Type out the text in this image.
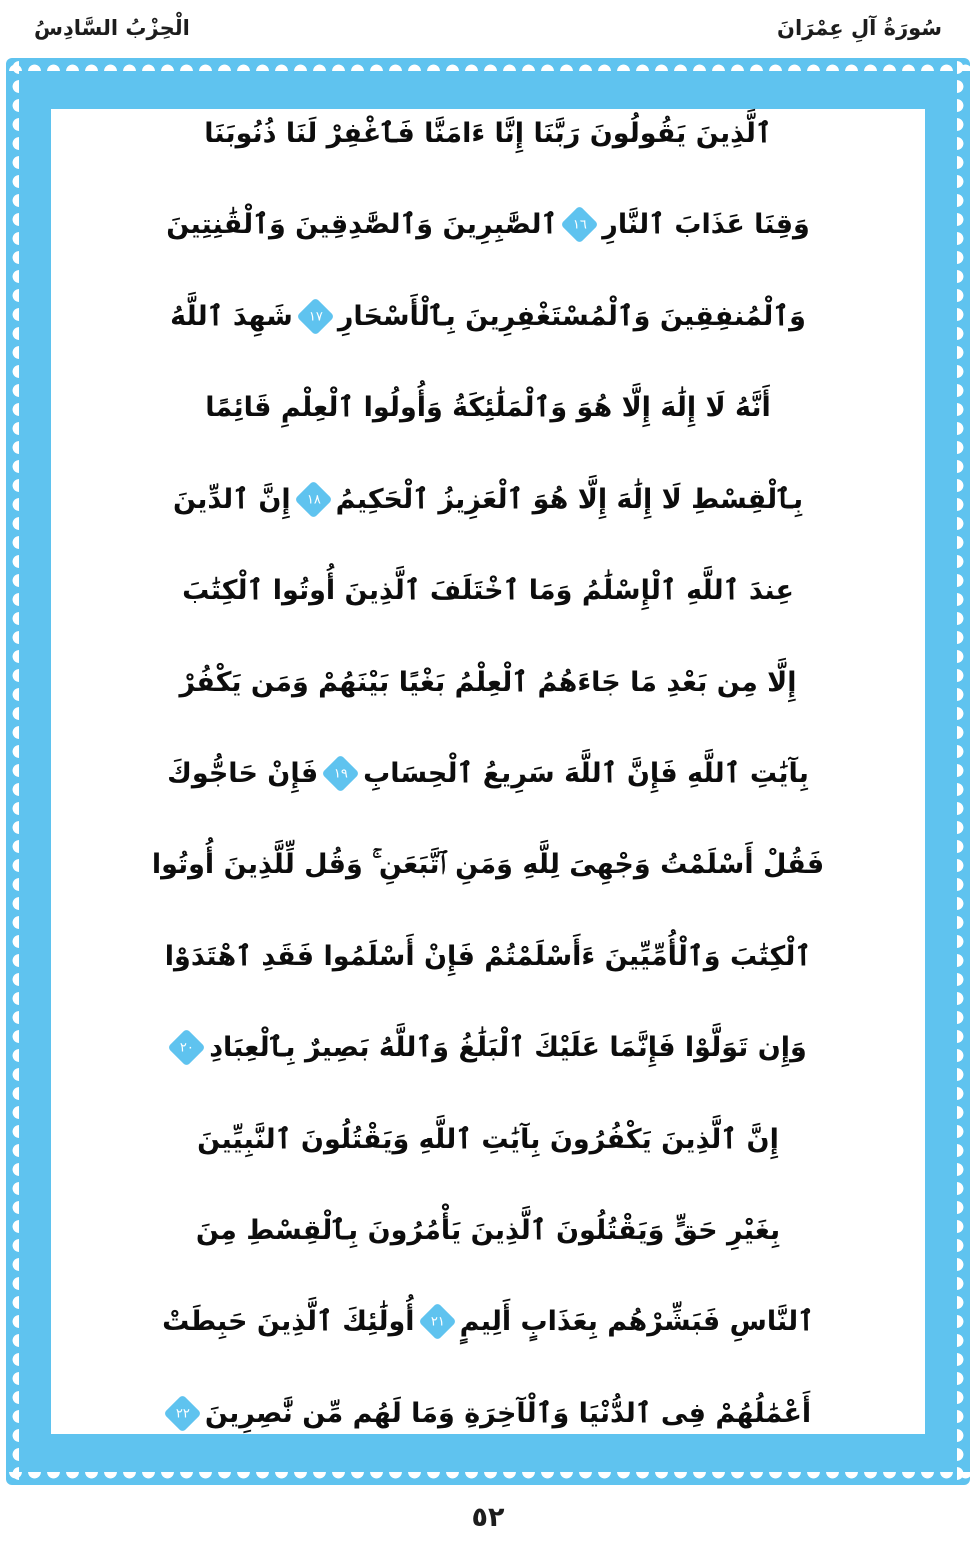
سُورَةُ آلِ عِمْرَانَ
الْحِزْبُ السَّادِسُ
ٱلَّذِينَ يَقُولُونَ رَبَّنَا إِنَّا ءَامَنَّا فَٱغْفِرْ لَنَا ذُنُوبَنَا
وَقِنَا عَذَابَ ٱلنَّارِ
١٦
ٱلصَّٰبِرِينَ وَٱلصَّٰدِقِينَ وَٱلْقَٰنِتِينَ
وَٱلْمُنفِقِينَ وَٱلْمُسْتَغْفِرِينَ بِٱلْأَسْحَارِ
١٧
شَهِدَ ٱللَّهُ
أَنَّهُ لَا إِلَٰهَ إِلَّا هُوَ وَٱلْمَلَٰئِكَةُ وَأُولُوا ٱلْعِلْمِ قَائِمًا
بِٱلْقِسْطِ لَا إِلَٰهَ إِلَّا هُوَ ٱلْعَزِيزُ ٱلْحَكِيمُ
١٨
إِنَّ ٱلدِّينَ
عِندَ ٱللَّهِ ٱلْإِسْلَٰمُ وَمَا ٱخْتَلَفَ ٱلَّذِينَ أُوتُوا ٱلْكِتَٰبَ
إِلَّا مِن بَعْدِ مَا جَاءَهُمُ ٱلْعِلْمُ بَغْيًا بَيْنَهُمْ وَمَن يَكْفُرْ
بِآيَٰتِ ٱللَّهِ فَإِنَّ ٱللَّهَ سَرِيعُ ٱلْحِسَابِ
١٩
فَإِنْ حَاجُّوكَ
فَقُلْ أَسْلَمْتُ وَجْهِىَ لِلَّهِ وَمَنِ ٱتَّبَعَنِ ۚ وَقُل لِّلَّذِينَ أُوتُوا
ٱلْكِتَٰبَ وَٱلْأُمِّيِّينَ ءَأَسْلَمْتُمْ فَإِنْ أَسْلَمُوا فَقَدِ ٱهْتَدَوْا
وَإِن تَوَلَّوْا فَإِنَّمَا عَلَيْكَ ٱلْبَلَٰغُ وَٱللَّهُ بَصِيرٌ بِٱلْعِبَادِ
٢٠
إِنَّ ٱلَّذِينَ يَكْفُرُونَ بِآيَٰتِ ٱللَّهِ وَيَقْتُلُونَ ٱلنَّبِيِّينَ
بِغَيْرِ حَقٍّ وَيَقْتُلُونَ ٱلَّذِينَ يَأْمُرُونَ بِٱلْقِسْطِ مِنَ
ٱلنَّاسِ فَبَشِّرْهُم بِعَذَابٍ أَلِيمٍ
٢١
أُولَٰئِكَ ٱلَّذِينَ حَبِطَتْ
أَعْمَٰلُهُمْ فِى ٱلدُّنْيَا وَٱلْآخِرَةِ وَمَا لَهُم مِّن نَّٰصِرِينَ
٢٢
٥٢
